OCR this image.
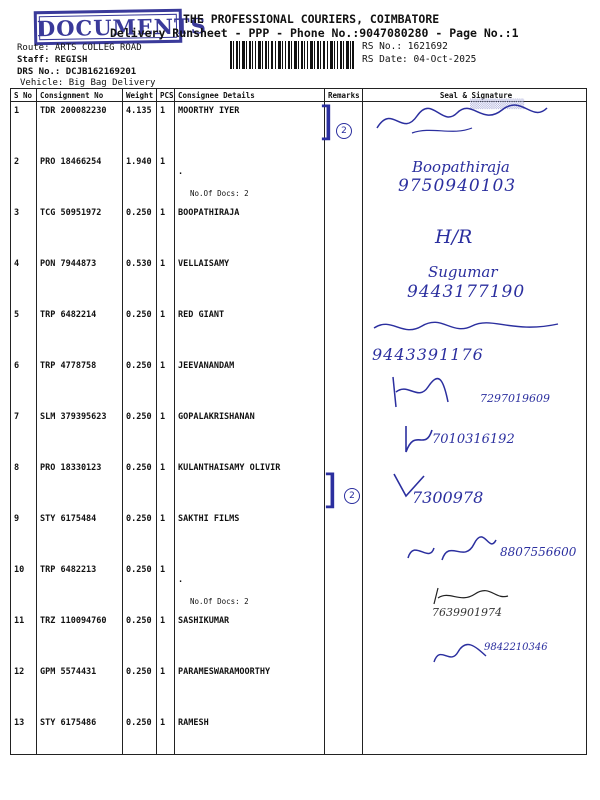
DOCUMENTS
THE PROFESSIONAL COURIERS, COIMBATORE
Delivery Runsheet - PPP - Phone No.:9047080280 - Page No.:1
RS No.: 1621692
RS Date: 04-Oct-2025
Route: ARTS COLLEG ROAD
Staff: REGISH
DRS No.: DCJB162169201
Vehicle: Big Bag Delivery
S No	Consignment No	Weight	PCS	Consignee Details	Remarks	Seal & Signature
1	TDR 200082230	4.135	1	MOORTHY IYER		
2	PRO 18466254	1.940	1	.
No.Of Docs: 2		

3	TCG 50951972	0.250	1	BOOPATHIRAJA		
4	PON 7944873	0.530	1	VELLAISAMY		
5	TRP 6482214	0.250	1	RED GIANT		
6	TRP 4778758	0.250	1	JEEVANANDAM		
7	SLM 379395623	0.250	1	GOPALAKRISHANAN		
8	PRO 18330123	0.250	1	KULANTHAISAMY OLIVIR		
9	STY 6175484	0.250	1	SAKTHI FILMS		
10	TRP 6482213	0.250	1	.
No.Of Docs: 2		

11	TRZ 110094760	0.250	1	SASHIKUMAR		
12	GPM 5574431	0.250	1	PARAMESWARAMOORTHY		
13	STY 6175486	0.250	1	RAMESH		
▒▒▒▒▒▒▒▒▒▒
] 2
Boopathiraja
9750940103
H/R
Sugumar
9443177190
9443391176
7297019609
7010316192
]	2	7300978
8807556600
7639901974
9842210346
